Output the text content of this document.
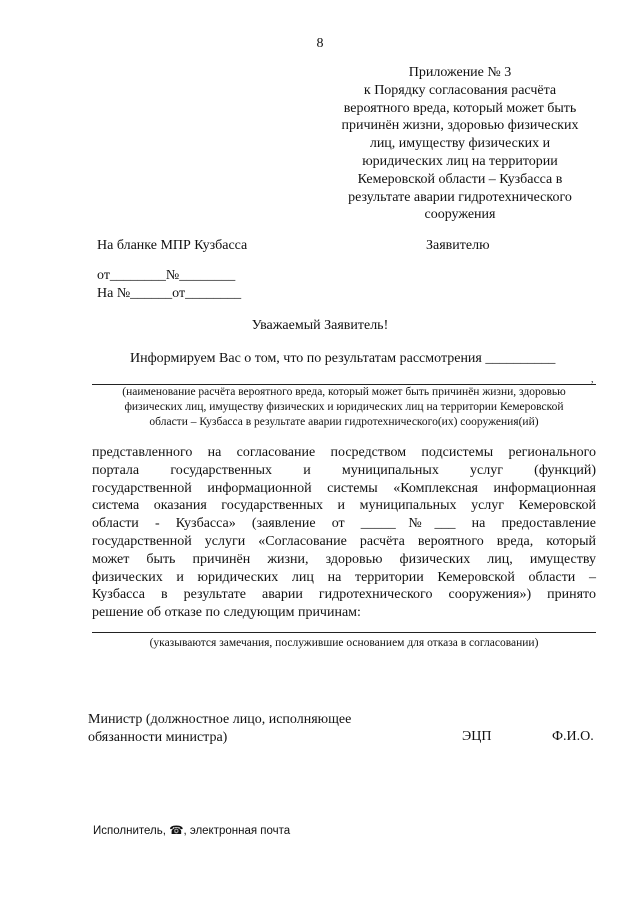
8
Приложение № 3
к Порядку согласования расчёта
вероятного вреда, который может быть
причинён жизни, здоровью физических
лиц, имуществу физических и
юридических лиц на территории
Кемеровской области – Кузбасса в
результате аварии гидротехнического
сооружения
На бланке МПР Кузбасса	Заявителю
от________№________
На №______от________
Уважаемый Заявитель!
Информируем Вас о том, что по результатам рассмотрения __________
,
(наименование расчёта вероятного вреда, который может быть причинён жизни, здоровью
физических лиц, имуществу физических и юридических лиц на территории Кемеровской
области – Кузбасса в результате аварии гидротехнического(их) сооружения(ий)
представленного на согласование посредством подсистемы регионального
портала государственных и муниципальных услуг (функций)
государственной информационной системы «Комплексная информационная
система оказания государственных и муниципальных услуг Кемеровской
области - Кузбасса» (заявление от _____№___ на предоставление
государственной услуги «Согласование расчёта вероятного вреда, который
может быть причинён жизни, здоровью физических лиц, имуществу
физических и юридических лиц на территории Кемеровской области –
Кузбасса в результате аварии гидротехнического сооружения») принято
решение об отказе по следующим причинам:
(указываются замечания, послужившие основанием для отказа в согласовании)
Министр (должностное лицо, исполняющее
обязанности министра)	ЭЦП	Ф.И.О.
Исполнитель, ☎, электронная почта
